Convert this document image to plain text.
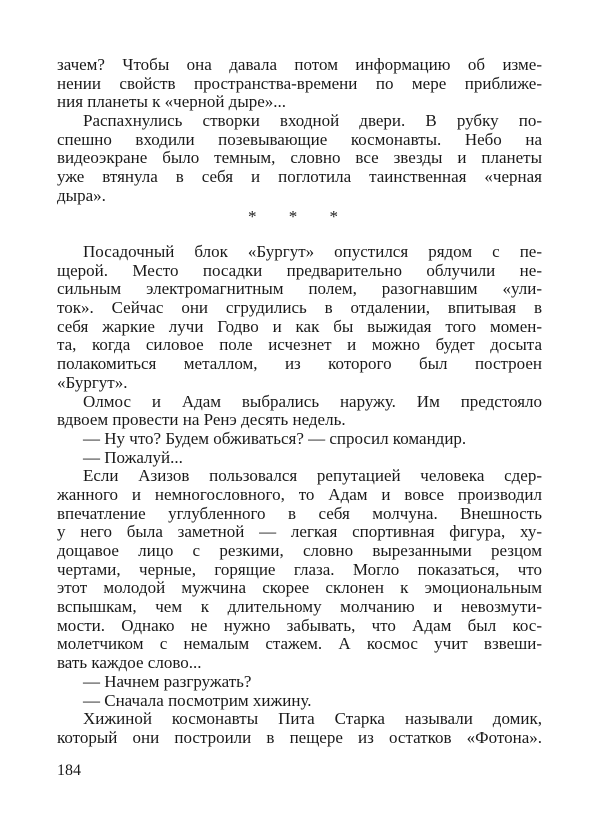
зачем? Чтобы она давала потом информацию об изме-
нении свойств пространства-времени по мере приближе-
ния планеты к «черной дыре»...
Распахнулись створки входной двери. В рубку по-
спешно входили позевывающие космонавты. Небо на
видеоэкране было темным, словно все звезды и планеты
уже втянула в себя и поглотила таинственная «черная
дыра».
* * *
Посадочный блок «Бургут» опустился рядом с пе-
щерой. Место посадки предварительно облучили не-
сильным электромагнитным полем, разогнавшим «ули-
ток». Сейчас они сгрудились в отдалении, впитывая в
себя жаркие лучи Годво и как бы выжидая того момен-
та, когда силовое поле исчезнет и можно будет досыта
полакомиться металлом, из которого был построен
«Бургут».
Олмос и Адам выбрались наружу. Им предстояло
вдвоем провести на Ренэ десять недель.
— Ну что? Будем обживаться? — спросил командир.
— Пожалуй...
Если Азизов пользовался репутацией человека сдер-
жанного и немногословного, то Адам и вовсе производил
впечатление углубленного в себя молчуна. Внешность
у него была заметной — легкая спортивная фигура, ху-
дощавое лицо с резкими, словно вырезанными резцом
чертами, черные, горящие глаза. Могло показаться, что
этот молодой мужчина скорее склонен к эмоциональным
вспышкам, чем к длительному молчанию и невозмути-
мости. Однако не нужно забывать, что Адам был кос-
молетчиком с немалым стажем. А космос учит взвеши-
вать каждое слово...
— Начнем разгружать?
— Сначала посмотрим хижину.
Хижиной космонавты Пита Старка называли домик,
который они построили в пещере из остатков «Фотона».
184
